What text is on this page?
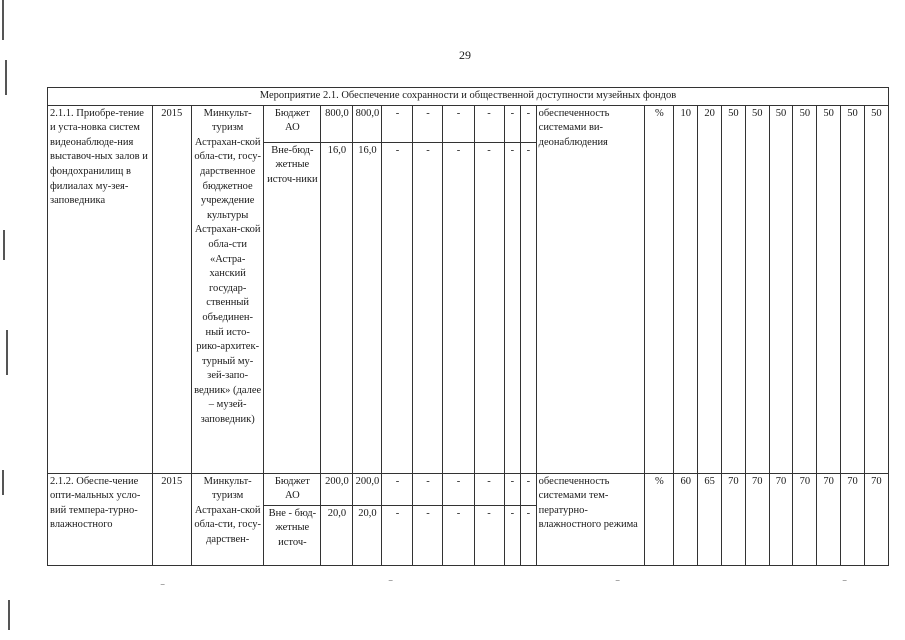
29
Мероприятие 2.1. Обеспечение сохранности и общественной доступности музейных фондов																						
2.1.1. Приобре-тение и уста-новка систем видеонаблюде-ния выставоч-ных залов и фондохранилищ в филиалах му-зея-заповедника	2015	Минкульт-туризм Астрахан-ской обла-сти, госу-дарственное бюджетное учреждение культуры Астрахан-ской обла-сти «Астра-ханский государ-ственный объединен-ный исто-рико-архитек-турный му-зей-запо-ведник» (далее – музей-заповедник)	Бюджет АО	800,0	800,0	-	-	-	-	-	-	обеспеченность системами ви-деонаблюдения	%	10	20	50	50	50	50	50	50	50
			Вне-бюд-жетные источ-ники	16,0	16,0	-	-	-	-	-	-											
2.1.2. Обеспе-чение опти-мальных усло-вий темпера-турно-влажностного	2015	Минкульт-туризм Астрахан-ской обла-сти, госу-дарствен-	Бюджет АО	200,0	200,0	-	-	-	-	-	-	обеспеченность системами тем-пературно-влажностного режима	%	60	65	70	70	70	70	70	70	70
			Вне - бюд-жетные источ-	20,0	20,0	-	-	-	-	-	-											
⁻	⁻	⁻	⁻
